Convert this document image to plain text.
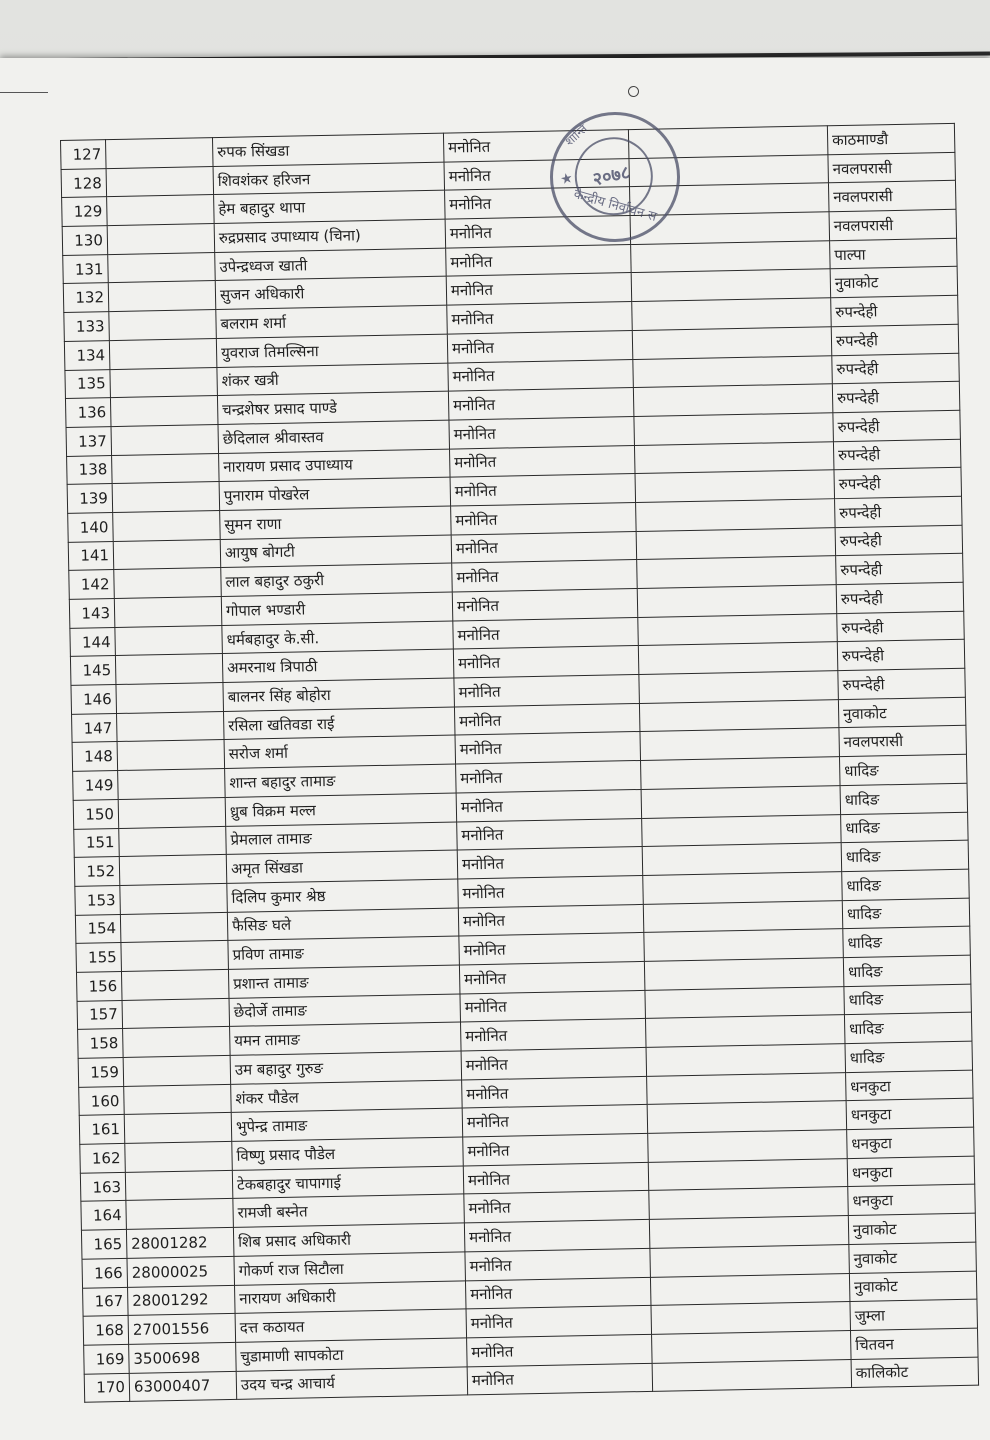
127		रुपक सिंखडा	मनोनित		काठमाण्डौ
128		शिवशंकर हरिजन	मनोनित		नवलपरासी
129		हेम बहादुर थापा	मनोनित		नवलपरासी
130		रुद्रप्रसाद उपाध्याय (चिना)	मनोनित		नवलपरासी
131		उपेन्द्रध्वज खाती	मनोनित		पाल्पा
132		सुजन अधिकारी	मनोनित		नुवाकोट
133		बलराम शर्मा	मनोनित		रुपन्देही
134		युवराज तिमल्सिना	मनोनित		रुपन्देही
135		शंकर खत्री	मनोनित		रुपन्देही
136		चन्द्रशेषर प्रसाद पाण्डे	मनोनित		रुपन्देही
137		छेदिलाल श्रीवास्तव	मनोनित		रुपन्देही
138		नारायण प्रसाद उपाध्याय	मनोनित		रुपन्देही
139		पुनाराम पोखरेल	मनोनित		रुपन्देही
140		सुमन राणा	मनोनित		रुपन्देही
141		आयुष बोगटी	मनोनित		रुपन्देही
142		लाल बहादुर ठकुरी	मनोनित		रुपन्देही
143		गोपाल भण्डारी	मनोनित		रुपन्देही
144		धर्मबहादुर के.सी.	मनोनित		रुपन्देही
145		अमरनाथ त्रिपाठी	मनोनित		रुपन्देही
146		बालनर सिंह बोहोरा	मनोनित		रुपन्देही
147		रसिला खतिवडा राई	मनोनित		नुवाकोट
148		सरोज शर्मा	मनोनित		नवलपरासी
149		शान्त बहादुर तामाङ	मनोनित		धादिङ
150		ध्रुब विक्रम मल्ल	मनोनित		धादिङ
151		प्रेमलाल तामाङ	मनोनित		धादिङ
152		अमृत सिंखडा	मनोनित		धादिङ
153		दिलिप कुमार श्रेष्ठ	मनोनित		धादिङ
154		फैसिङ घले	मनोनित		धादिङ
155		प्रविण तामाङ	मनोनित		धादिङ
156		प्रशान्त तामाङ	मनोनित		धादिङ
157		छेदोर्जे तामाङ	मनोनित		धादिङ
158		यमन तामाङ	मनोनित		धादिङ
159		उम बहादुर गुरुङ	मनोनित		धादिङ
160		शंकर पौडेल	मनोनित		धनकुटा
161		भुपेन्द्र तामाङ	मनोनित		धनकुटा
162		विष्णु प्रसाद पौडेल	मनोनित		धनकुटा
163		टेकबहादुर चापागाई	मनोनित		धनकुटा
164		रामजी बस्नेत	मनोनित		धनकुटा
165	28001282	शिब प्रसाद अधिकारी	मनोनित		नुवाकोट
166	28000025	गोकर्ण राज सिटौला	मनोनित		नुवाकोट
167	28001292	नारायण अधिकारी	मनोनित		नुवाकोट
168	27001556	दत्त कठायत	मनोनित		जुम्ला
169	3500698	चुडामाणी सापकोटा	मनोनित		चितवन
170	63000407	उदय चन्द्र आचार्य	मनोनित		कालिकोट
★ २०७८
शान्ति
केन्द्रीय निर्वाचन स
